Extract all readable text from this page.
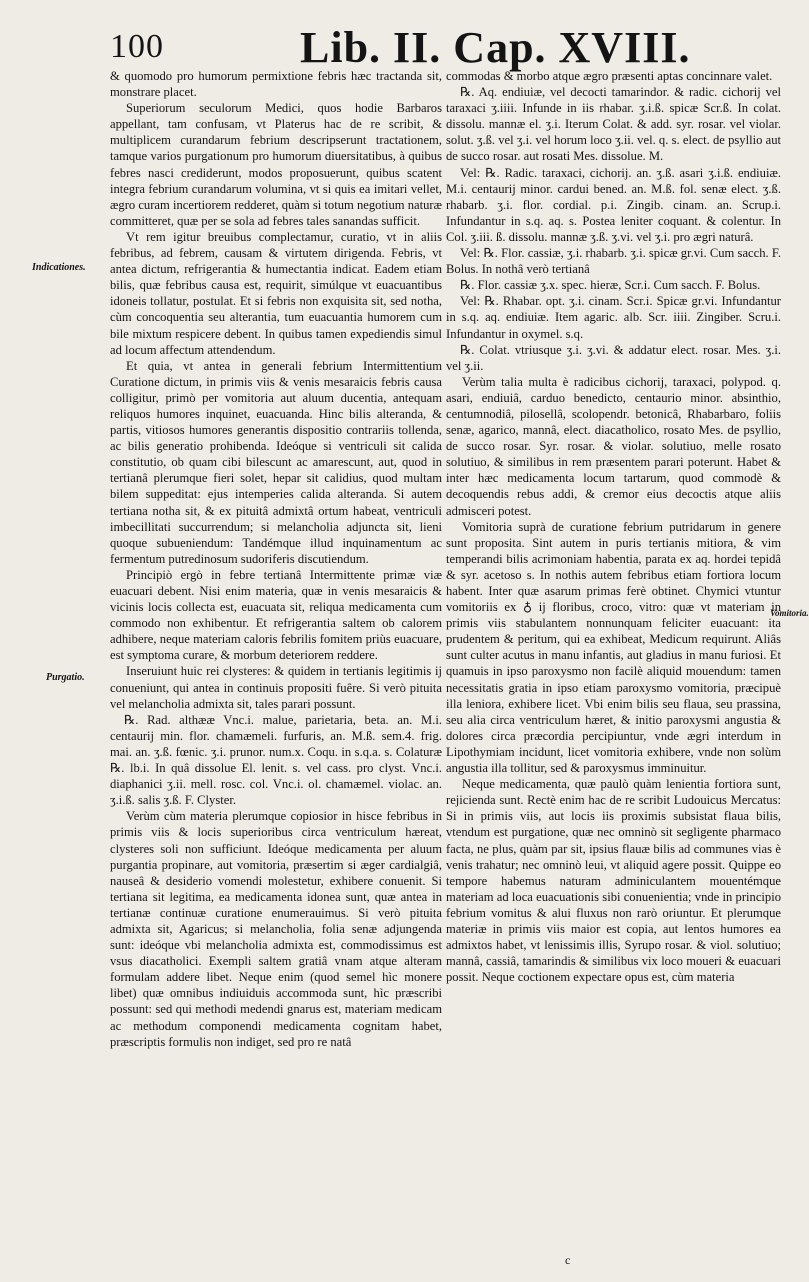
100	Lib. II. Cap. XVIII.
Indicationes.
Purgatio.
Vomitoria.

& quomodo pro humorum permixtione febris hæc tractanda sit, monstrare placet.

Superiorum seculorum Medici, quos hodie Barbaros appellant, tam confusam, vt Platerus hac de re scribit, & multiplicem curandarum febrium descripserunt tractationem, tamque varios purgationum pro humorum diuersitatibus, à quibus febres nasci crediderunt, modos proposuerunt, quibus scatent integra febrium curandarum volumina, vt si quis ea imitari vellet, ægro curam incertiorem redderet, quàm si totum negotium naturæ committeret, quæ per se sola ad febres tales sanandas sufficit.

Vt rem igitur breuibus complectamur, curatio, vt in aliis febribus, ad febrem, causam & virtutem dirigenda. Febris, vt antea dictum, refrigerantia & humectantia indicat. Eadem etiam bilis, quæ febribus causa est, requirit, simúlque vt euacuantibus idoneis tollatur, postulat. Et si febris non exquisita sit, sed notha, cùm concoquentia seu alterantia, tum euacuantia humorem cum bile mixtum respicere debent. In quibus tamen expediendis simul ad locum affectum attendendum.

Et quia, vt antea in generali febrium Intermittentium Curatione dictum, in primis viis & venis mesaraicis febris causa colligitur, primò per vomitoria aut aluum ducentia, antequam reliquos humores inquinet, euacuanda. Hinc bilis alteranda, & partis, vitiosos humores generantis dispositio contrariis tollenda, ac bilis generatio prohibenda. Ideóque si ventriculi sit calida constitutio, ob quam cibi bilescunt ac amarescunt, aut, quod in tertianâ plerumque fieri solet, hepar sit calidius, quod multam bilem suppeditat: ejus intemperies calida alteranda. Si autem tertiana notha sit, & ex pituitâ admixtâ ortum habeat, ventriculi imbecillitati succurrendum; si melancholia adjuncta sit, lieni quoque subueniendum: Tandémque illud inquinamentum ac fermentum putredinosum sudoriferis discutiendum.

Principiò ergò in febre tertianâ Intermittente primæ viæ euacuari debent. Nisi enim materia, quæ in venis mesaraicis & vicinis locis collecta est, euacuata sit, reliqua medicamenta cum commodo non exhibentur. Et refrigerantia saltem ob calorem adhibere, neque materiam caloris febrilis fomitem priùs euacuare, est symptoma curare, & morbum deteriorem reddere.

Inseruiunt huic rei clysteres: & quidem in tertianis legitimis ij conueniunt, qui antea in continuis propositi fuêre. Si verò pituita vel melancholia admixta sit, tales parari possunt.

℞. Rad. althææ Vnc.i. malue, parietaria, beta. an. M.i. centaurij min. flor. chamæmeli. furfuris, an. M.ß. sem.4. frig. mai. an. ʒ.ß. fœnic. ʒ.i. prunor. num.x. Coqu. in s.q.a. s. Colaturæ ℞. lb.i. In quâ dissolue El. lenit. s. vel cass. pro clyst. Vnc.i. diaphanici ʒ.ii. mell. rosc. col. Vnc.i. ol. chamæmel. violac. an. ʒ.i.ß. salis ʒ.ß. F. Clyster.

Verùm cùm materia plerumque copiosior in hisce febribus in primis viis & locis superioribus circa ventriculum hæreat, clysteres soli non sufficiunt. Ideóque medicamenta per aluum purgantia propinare, aut vomitoria, præsertim si æger cardialgiâ, nauseâ & desiderio vomendi molestetur, exhibere conuenit. Si tertiana sit legitima, ea medicamenta idonea sunt, quæ antea in tertianæ continuæ curatione enumerauimus. Si verò pituita admixta sit, Agaricus; si melancholia, folia senæ adjungenda sunt: ideóque vbi melancholia admixta est, commodissimus est vsus diacatholici. Exempli saltem gratiâ vnam atque alteram formulam addere libet. Neque enim (quod semel hìc monere libet) quæ omnibus indiuiduis accommoda sunt, hìc præscribi possunt: sed qui methodi medendi gnarus est, materiam medicam ac methodum componendi medicamenta cognitam habet, præscriptis formulis non indiget, sed pro re natâ

commodas & morbo atque ægro præsenti aptas concinnare valet.

℞. Aq. endiuiæ, vel decocti tamarindor. & radic. cichorij vel taraxaci ʒ.iiii. Infunde in iis rhabar. ʒ.i.ß. spicæ Scr.ß. In colat. dissolu. mannæ el. ʒ.i. Iterum Colat. & add. syr. rosar. vel violar. solut. ʒ.ß. vel ʒ.i. vel horum loco ʒ.ii. vel. q. s. elect. de psyllio aut de succo rosar. aut rosati Mes. dissolue. M.

Vel: ℞. Radic. taraxaci, cichorij. an. ʒ.ß. asari ʒ.i.ß. endiuiæ. M.i. centaurij minor. cardui bened. an. M.ß. fol. senæ elect. ʒ.ß. rhabarb. ʒ.i. flor. cordial. p.i. Zingib. cinam. an. Scrup.i. Infundantur in s.q. aq. s. Postea leniter coquant. & colentur. In Col. ʒ.iii. ß. dissolu. mannæ ʒ.ß. ʒ.vi. vel ʒ.i. pro ægri naturâ.

Vel: ℞. Flor. cassiæ, ʒ.i. rhabarb. ʒ.i. spicæ gr.vi. Cum sacch. F. Bolus. In nothâ verò tertianâ

℞. Flor. cassiæ ʒ.x. spec. hieræ, Scr.i. Cum sacch. F. Bolus.

Vel: ℞. Rhabar. opt. ʒ.i. cinam. Scr.i. Spicæ gr.vi. Infundantur in s.q. aq. endiuiæ. Item agaric. alb. Scr. iiii. Zingiber. Scru.i. Infundantur in oxymel. s.q.

℞. Colat. vtriusque ʒ.i. ʒ.vi. & addatur elect. rosar. Mes. ʒ.i. vel ʒ.ii.

Verùm talia multa è radicibus cichorij, taraxaci, polypod. q. asari, endiuiâ, carduo benedicto, centaurio minor. absinthio, centumnodiâ, pilosellâ, scolopendr. betonicâ, Rhabarbaro, foliis senæ, agarico, mannâ, elect. diacatholico, rosato Mes. de psyllio, de succo rosar. Syr. rosar. & violar. solutiuo, melle rosato solutiuo, & similibus in rem præsentem parari poterunt. Habet & inter hæc medicamenta locum tartarum, quod commodè & decoquendis rebus addi, & cremor eius decoctis atque aliis admisceri potest.

Vomitoria suprà de curatione febrium putridarum in genere sunt proposita. Sint autem in puris tertianis mitiora, & vim temperandi bilis acrimoniam habentia, parata ex aq. hordei tepidâ & syr. acetoso s. In nothis autem febribus etiam fortiora locum habent. Inter quæ asarum primas ferè obtinet. Chymici vtuntur vomitoriis ex ♁ ij floribus, croco, vitro: quæ vt materiam in primis viis stabulantem nonnunquam feliciter euacuant: ita prudentem & peritum, qui ea exhibeat, Medicum requirunt. Aliâs sunt culter acutus in manu infantis, aut gladius in manu furiosi. Et quamuis in ipso paroxysmo non facilè aliquid mouendum: tamen necessitatis gratia in ipso etiam paroxysmo vomitoria, præcipuè illa leniora, exhibere licet. Vbi enim bilis seu flaua, seu prassina, seu alia circa ventriculum hæret, & initio paroxysmi angustia & dolores circa præcordia percipiuntur, vnde ægri interdum in Lipothymiam incidunt, licet vomitoria exhibere, vnde non solùm angustia illa tollitur, sed & paroxysmus imminuitur.

Neque medicamenta, quæ paulò quàm lenientia fortiora sunt, rejicienda sunt. Rectè enim hac de re scribit Ludouicus Mercatus: Si in primis viis, aut locis iis proximis subsistat flaua bilis, vtendum est purgatione, quæ nec omninò sit segligente pharmaco facta, ne plus, quàm par sit, ipsius flauæ bilis ad communes vias è venis trahatur; nec omninò leui, vt aliquid agere possit. Quippe eo tempore habemus naturam adminiculantem mouentémque materiam ad loca euacuationis sibi conuenientia; vnde in principio febrium vomitus & alui fluxus non rarò oriuntur. Et plerumque materiæ in primis viis maior est copia, aut lentos humores ea admixtos habet, vt lenissimis illis, Syrupo rosar. & viol. solutiuo; mannâ, cassiâ, tamarindis & similibus vix loco moueri & euacuari possit. Neque coctionem expectare opus est, cùm materia

c
